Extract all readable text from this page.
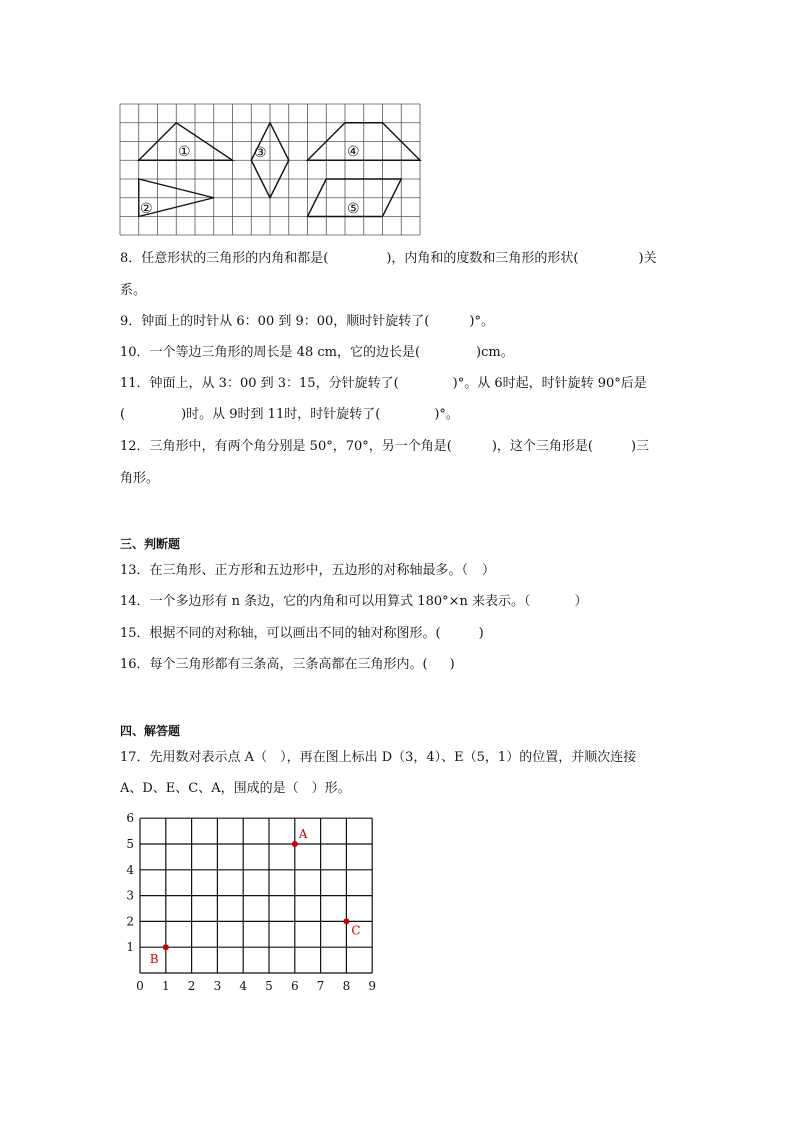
①
②
③	④
⑤
8．任意形状的三角形的内角和都是(	)，内角和的度数和三角形的形状(	)关
系。
9．钟面上的时针从 6：00 到 9：00，顺时针旋转了(	)°。
10．一个等边三角形的周长是 48 cm，它的边长是(	)cm。
11．钟面上，从 3：00 到 3：15，分针旋转了(	)°。从 6时起，时针旋转 90°后是
(	)时。从 9时到 11时，时针旋转了(	)°。
12．三角形中，有两个角分别是 50°，70°，另一个角是(	)，这个三角形是(	)三
角形。
三、判断题
13．在三角形、正方形和五边形中，五边形的对称轴最多。（ ）
14．一个多边形有 n 条边，它的内角和可以用算式 180°×n 来表示。（	）
15．根据不同的对称轴，可以画出不同的轴对称图形。(	)
16．每个三角形都有三条高，三条高都在三角形内。( )
四、解答题
17．先用数对表示点 A（　），再在图上标出 D（3，4）、E（5，1）的位置，并顺次连接
A、D、E、C、A，围成的是（　）形。
0 1 2 3 4 5 6 7 8 9
1
2
3
4
5
6
A
B
C
